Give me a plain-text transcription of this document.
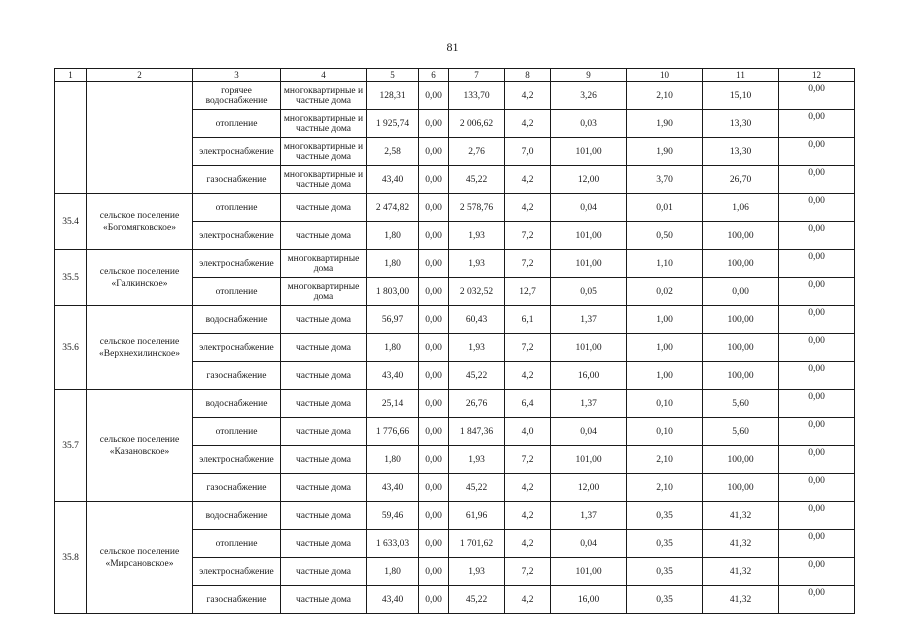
81
1	2	3	4	5	6	7	8	9	10	11	12
		горячее водоснабжение	многоквартирные и частные дома	128,31	0,00	133,70	4,2	3,26	2,10	15,10	0,00
		отопление	многоквартирные и частные дома	1 925,74	0,00	2 006,62	4,2	0,03	1,90	13,30	0,00
		электроснабжение	многоквартирные и частные дома	2,58	0,00	2,76	7,0	101,00	1,90	13,30	0,00
		газоснабжение	многоквартирные и частные дома	43,40	0,00	45,22	4,2	12,00	3,70	26,70	0,00
35.4	сельское поселение «Богомягковское»	отопление	частные дома	2 474,82	0,00	2 578,76	4,2	0,04	0,01	1,06	0,00
		электроснабжение	частные дома	1,80	0,00	1,93	7,2	101,00	0,50	100,00	0,00
35.5	сельское поселение «Галкинское»	электроснабжение	многоквартирные дома	1,80	0,00	1,93	7,2	101,00	1,10	100,00	0,00
		отопление	многоквартирные дома	1 803,00	0,00	2 032,52	12,7	0,05	0,02	0,00	0,00
35.6	сельское поселение «Верхнехилинское»	водоснабжение	частные дома	56,97	0,00	60,43	6,1	1,37	1,00	100,00	0,00
		электроснабжение	частные дома	1,80	0,00	1,93	7,2	101,00	1,00	100,00	0,00
		газоснабжение	частные дома	43,40	0,00	45,22	4,2	16,00	1,00	100,00	0,00
35.7	сельское поселение «Казановское»	водоснабжение	частные дома	25,14	0,00	26,76	6,4	1,37	0,10	5,60	0,00
		отопление	частные дома	1 776,66	0,00	1 847,36	4,0	0,04	0,10	5,60	0,00
		электроснабжение	частные дома	1,80	0,00	1,93	7,2	101,00	2,10	100,00	0,00
		газоснабжение	частные дома	43,40	0,00	45,22	4,2	12,00	2,10	100,00	0,00
35.8	сельское поселение «Мирсановское»	водоснабжение	частные дома	59,46	0,00	61,96	4,2	1,37	0,35	41,32	0,00
		отопление	частные дома	1 633,03	0,00	1 701,62	4,2	0,04	0,35	41,32	0,00
		электроснабжение	частные дома	1,80	0,00	1,93	7,2	101,00	0,35	41,32	0,00
		газоснабжение	частные дома	43,40	0,00	45,22	4,2	16,00	0,35	41,32	0,00
